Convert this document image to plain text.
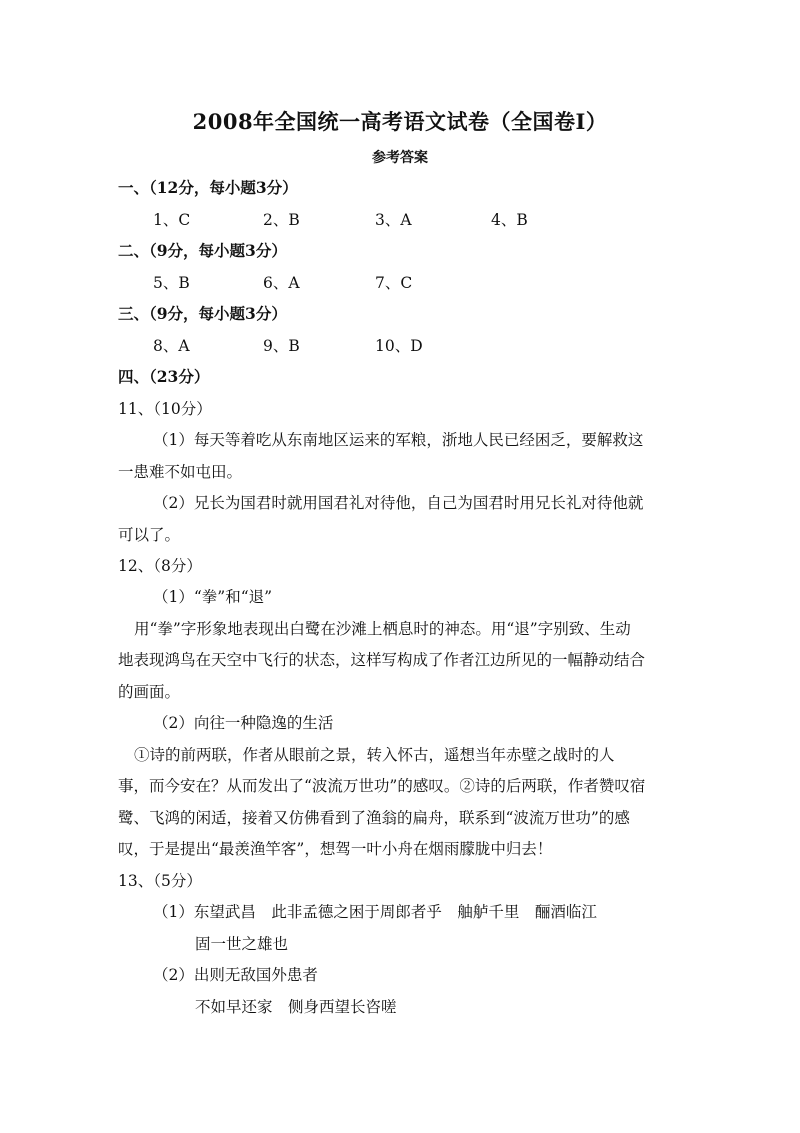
2008年全国统一高考语文试卷（全国卷Ⅰ）
参考答案
一、（12分，每小题3分）
1、C	2、B	3、A	4、B
二、（9分，每小题3分）
5、B	6、A	7、C
三、（9分，每小题3分）
8、A	9、B	10、D
四、（23分）
11、（10分）
（1）每天等着吃从东南地区运来的军粮，浙地人民已经困乏，要解救这
一患难不如屯田。
（2）兄长为国君时就用国君礼对待他，自己为国君时用兄长礼对待他就
可以了。
12、（8分）
（1）“拳”和“退”
用“拳”字形象地表现出白鹭在沙滩上栖息时的神态。用“退”字别致、生动
地表现鸿鸟在天空中飞行的状态，这样写构成了作者江边所见的一幅静动结合
的画面。
（2）向往一种隐逸的生活
①诗的前两联，作者从眼前之景，转入怀古，遥想当年赤壁之战时的人
事，而今安在？从而发出了“波流万世功”的感叹。②诗的后两联，作者赞叹宿
鹭、飞鸿的闲适，接着又仿佛看到了渔翁的扁舟，联系到“波流万世功”的感
叹，于是提出“最羡渔竿客”，想驾一叶小舟在烟雨朦胧中归去！
13、（5分）
（1）东望武昌　此非孟德之困于周郎者乎　舳舻千里　酾酒临江
固一世之雄也
（2）出则无敌国外患者
不如早还家　侧身西望长咨嗟
